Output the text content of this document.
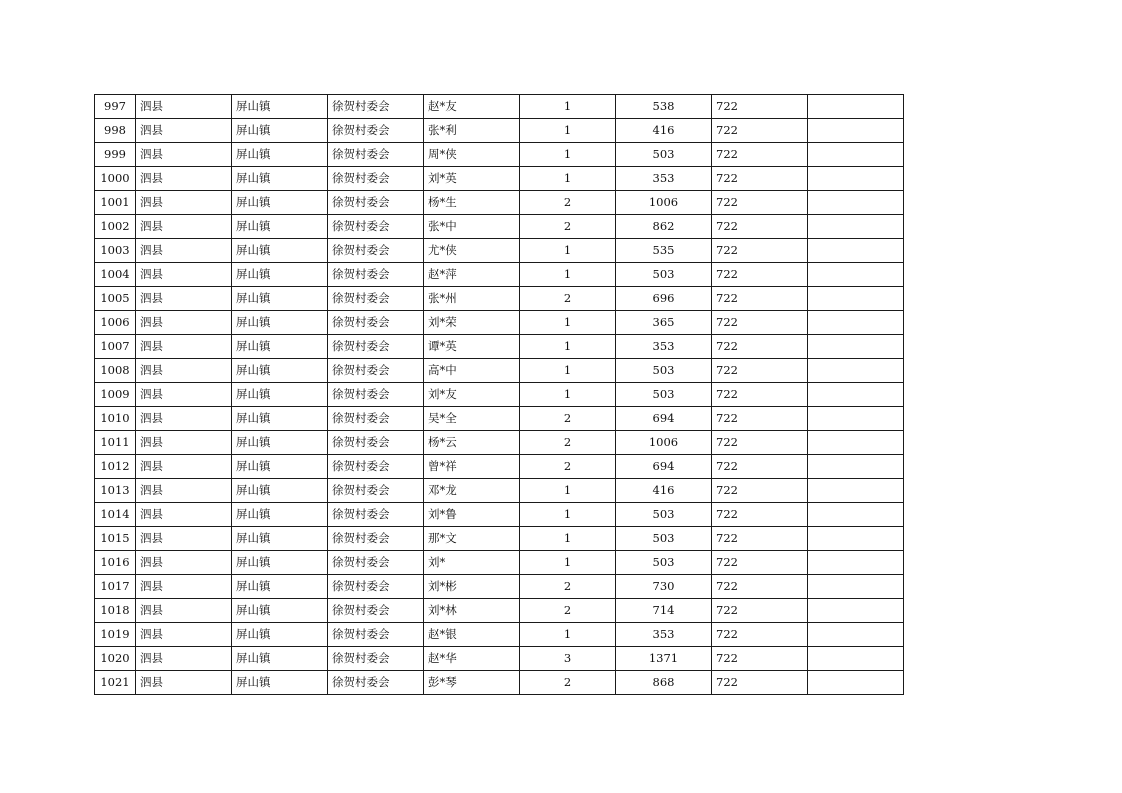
997	泗县	屏山镇	徐贺村委会	赵*友	1	538	722	
998	泗县	屏山镇	徐贺村委会	张*利	1	416	722	
999	泗县	屏山镇	徐贺村委会	周*侠	1	503	722	
1000	泗县	屏山镇	徐贺村委会	刘*英	1	353	722	
1001	泗县	屏山镇	徐贺村委会	杨*生	2	1006	722	
1002	泗县	屏山镇	徐贺村委会	张*中	2	862	722	
1003	泗县	屏山镇	徐贺村委会	尤*侠	1	535	722	
1004	泗县	屏山镇	徐贺村委会	赵*萍	1	503	722	
1005	泗县	屏山镇	徐贺村委会	张*州	2	696	722	
1006	泗县	屏山镇	徐贺村委会	刘*荣	1	365	722	
1007	泗县	屏山镇	徐贺村委会	谭*英	1	353	722	
1008	泗县	屏山镇	徐贺村委会	高*中	1	503	722	
1009	泗县	屏山镇	徐贺村委会	刘*友	1	503	722	
1010	泗县	屏山镇	徐贺村委会	吴*全	2	694	722	
1011	泗县	屏山镇	徐贺村委会	杨*云	2	1006	722	
1012	泗县	屏山镇	徐贺村委会	曾*祥	2	694	722	
1013	泗县	屏山镇	徐贺村委会	邓*龙	1	416	722	
1014	泗县	屏山镇	徐贺村委会	刘*鲁	1	503	722	
1015	泗县	屏山镇	徐贺村委会	那*文	1	503	722	
1016	泗县	屏山镇	徐贺村委会	刘*	1	503	722	
1017	泗县	屏山镇	徐贺村委会	刘*彬	2	730	722	
1018	泗县	屏山镇	徐贺村委会	刘*林	2	714	722	
1019	泗县	屏山镇	徐贺村委会	赵*银	1	353	722	
1020	泗县	屏山镇	徐贺村委会	赵*华	3	1371	722	
1021	泗县	屏山镇	徐贺村委会	彭*琴	2	868	722	
